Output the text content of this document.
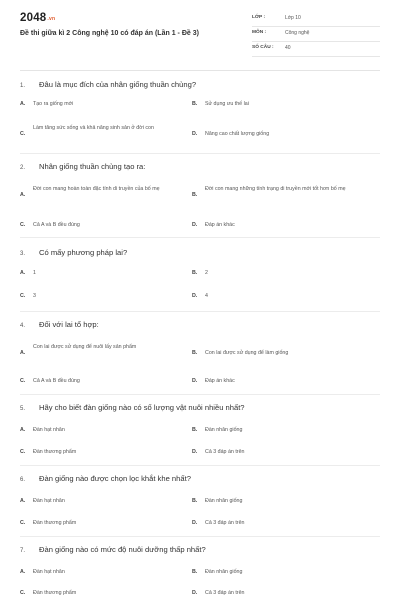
2048.vn
Đề thi giữa kì 2 Công nghệ 10 có đáp án (Lần 1 - Đề 3)
LỚP :	Lớp 10
MÔN :	Công nghệ
SỐ CÂU : 40
1. Đâu là mục đích của nhân giống thuần chủng?
A. Tạo ra giống mới	B. Sử dụng ưu thế lai
C.
Làm tăng sức sống và khả năng sinh sản ở đời con
D. Nâng cao chất lượng giống
2. Nhân giống thuần chủng tạo ra:
A.
Đời con mang hoàn toàn đặc tính di truyền của bố mẹ
B.
Đời con mang những tính trạng di truyền mới tốt hơn bố mẹ
C. Cả A và B đều đúng	D. Đáp án khác
3. Có mấy phương pháp lai?
A. 1	B. 2
C. 3	D. 4
4. Đối với lai tổ hợp:
A.
Con lai được sử dụng để nuôi lấy sản phẩm
B. Con lai được sử dụng để làm giống
C. Cả A và B đều đúng	D. Đáp án khác
5. Hãy cho biết đàn giống nào có số lượng vật nuôi nhiều nhất?
A. Đàn hạt nhân	B. Đàn nhân giống
C. Đàn thương phẩm	D. Cả 3 đáp án trên
6. Đàn giống nào được chọn lọc khắt khe nhất?
A. Đàn hạt nhân	B. Đàn nhân giống
C. Đàn thương phẩm	D. Cả 3 đáp án trên
7. Đàn giống nào có mức độ nuôi dưỡng thấp nhất?
A. Đàn hạt nhân	B. Đàn nhân giống
C. Đàn thương phẩm	D. Cả 3 đáp án trên
